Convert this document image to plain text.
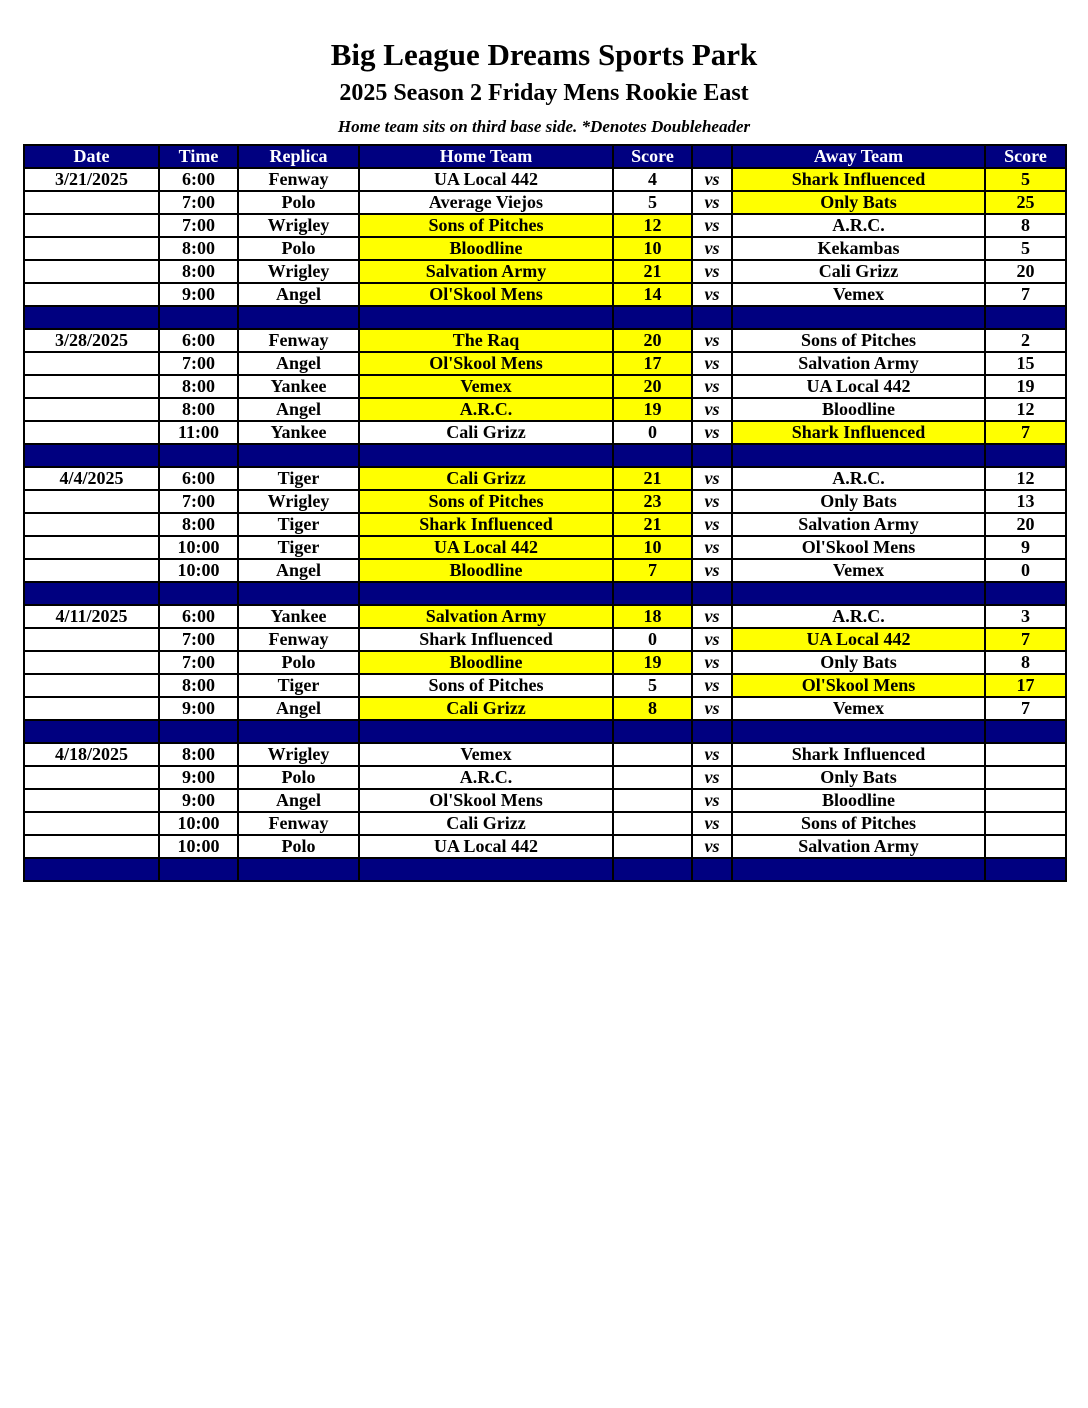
Big League Dreams Sports Park
2025 Season 2 Friday Mens Rookie East
Home team sits on third base side. *Denotes Doubleheader
Date	Time	Replica	Home Team	Score		Away Team	Score
3/21/2025	6:00	Fenway	UA Local 442	4	vs	Shark Influenced	5
	7:00	Polo	Average Viejos	5	vs	Only Bats	25
	7:00	Wrigley	Sons of Pitches	12	vs	A.R.C.	8
	8:00	Polo	Bloodline	10	vs	Kekambas	5
	8:00	Wrigley	Salvation Army	21	vs	Cali Grizz	20
	9:00	Angel	Ol'Skool Mens	14	vs	Vemex	7

3/28/2025	6:00	Fenway	The Raq	20	vs	Sons of Pitches	2
	7:00	Angel	Ol'Skool Mens	17	vs	Salvation Army	15
	8:00	Yankee	Vemex	20	vs	UA Local 442	19
	8:00	Angel	A.R.C.	19	vs	Bloodline	12
	11:00	Yankee	Cali Grizz	0	vs	Shark Influenced	7

4/4/2025	6:00	Tiger	Cali Grizz	21	vs	A.R.C.	12
	7:00	Wrigley	Sons of Pitches	23	vs	Only Bats	13
	8:00	Tiger	Shark Influenced	21	vs	Salvation Army	20
	10:00	Tiger	UA Local 442	10	vs	Ol'Skool Mens	9
	10:00	Angel	Bloodline	7	vs	Vemex	0

4/11/2025	6:00	Yankee	Salvation Army	18	vs	A.R.C.	3
	7:00	Fenway	Shark Influenced	0	vs	UA Local 442	7
	7:00	Polo	Bloodline	19	vs	Only Bats	8
	8:00	Tiger	Sons of Pitches	5	vs	Ol'Skool Mens	17
	9:00	Angel	Cali Grizz	8	vs	Vemex	7

4/18/2025	8:00	Wrigley	Vemex		vs	Shark Influenced	
	9:00	Polo	A.R.C.		vs	Only Bats	
	9:00	Angel	Ol'Skool Mens		vs	Bloodline	
	10:00	Fenway	Cali Grizz		vs	Sons of Pitches	
	10:00	Polo	UA Local 442		vs	Salvation Army	
